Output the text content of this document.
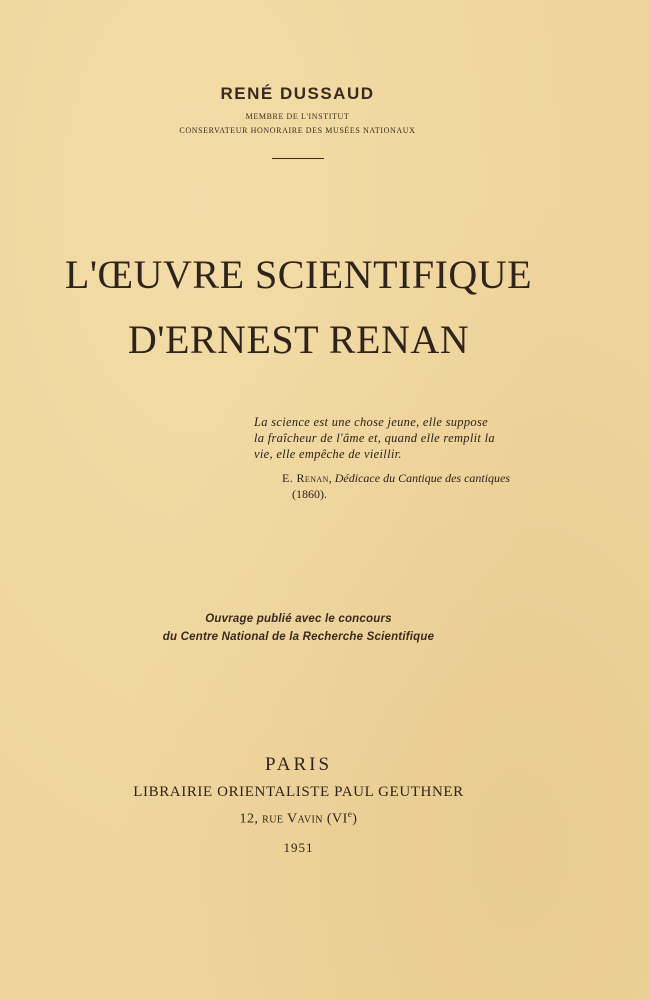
RENÉ DUSSAUD
MEMBRE DE L'INSTITUT
CONSERVATEUR HONORAIRE DES MUSÉES NATIONAUX
L'ŒUVRE SCIENTIFIQUE
D'ERNEST RENAN
La science est une chose jeune, elle suppose
la fraîcheur de l'âme et, quand elle remplit la
vie, elle empêche de vieillir.
E. Renan, Dédicace du Cantique des cantiques
(1860).
Ouvrage publié avec le concours
du Centre National de la Recherche Scientifique
PARIS
LIBRAIRIE ORIENTALISTE PAUL GEUTHNER
12, rue Vavin (VIe)
1951
